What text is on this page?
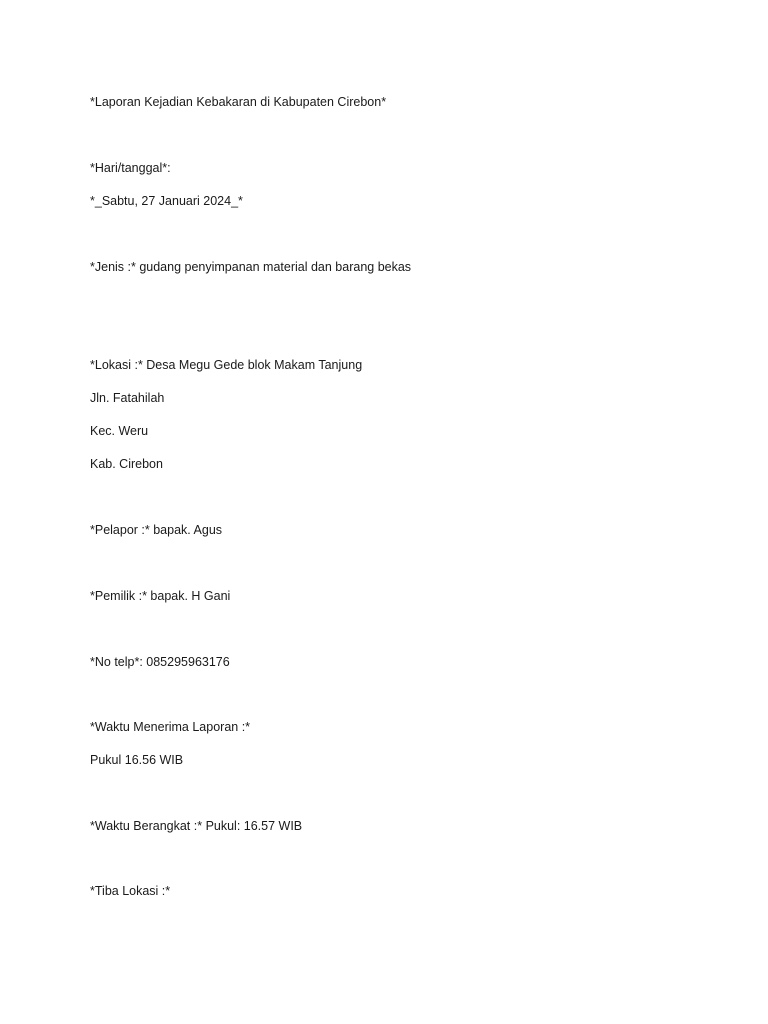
*Laporan Kejadian Kebakaran di Kabupaten Cirebon*
*Hari/tanggal*:
*_Sabtu, 27 Januari 2024_*
*Jenis :* gudang penyimpanan material dan barang bekas
*Lokasi :* Desa Megu Gede blok Makam Tanjung
Jln. Fatahilah
Kec. Weru
Kab. Cirebon
*Pelapor :* bapak. Agus
*Pemilik :* bapak. H Gani
*No telp*: 085295963176
*Waktu Menerima Laporan :*
Pukul 16.56 WIB
*Waktu Berangkat :* Pukul: 16.57 WIB
*Tiba Lokasi :*
